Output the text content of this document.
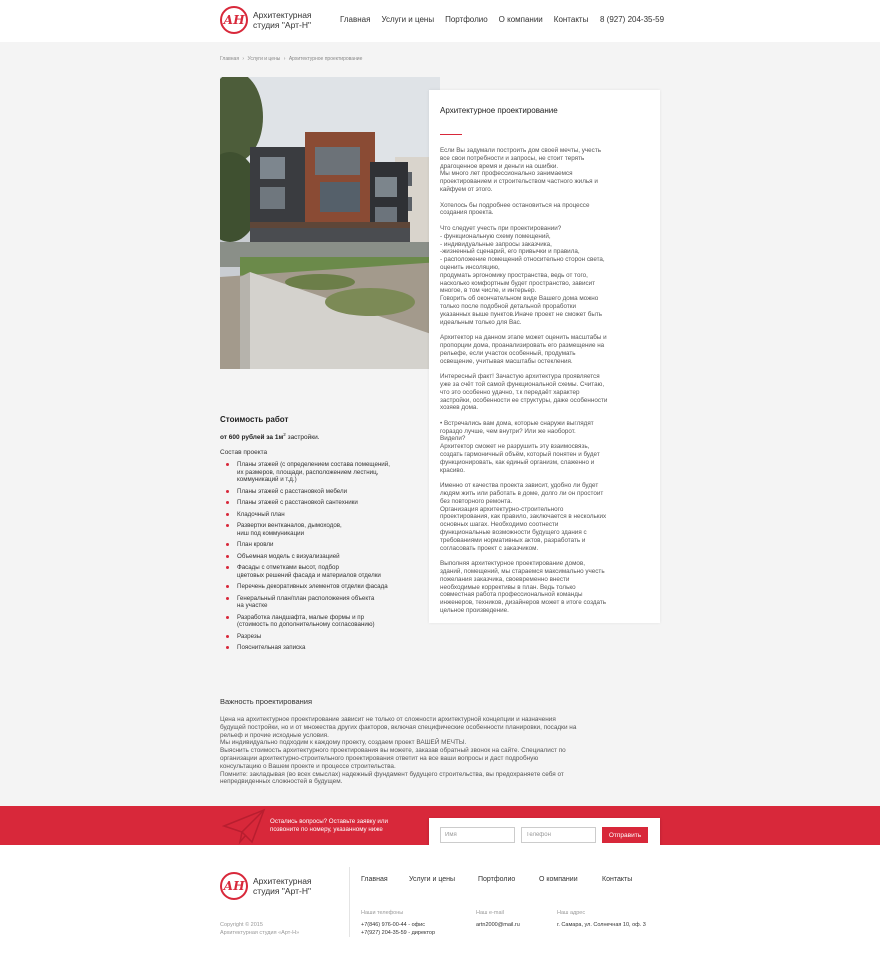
АН Архитектурная
студия "Арт-Н"
Главная Услуги и цены Портфолио О компании Контакты 8 (927) 204-35-59
Главная › Услуги и цены › Архитектурное проектирование
Архитектурное проектирование

Если Вы задумали построить дом своей мечты, учесть
все свои потребности и запросы, не стоит терять
драгоценное время и деньги на ошибки.
Мы много лет профессионально занимаемся
проектированием и строительством частного жилья и
кайфуем от этого.

Хотелось бы подробнее остановиться на процессе
создания проекта.

Что следует учесть при проектировании?
- функциональную схему помещений,
- индивидуальные запросы заказчика,
-жизненный сценарий, его привычки и правила,
- расположение помещений относительно сторон света,
оценить инсоляцию,
продумать эргономику пространства, ведь от того,
насколько комфортным будет пространство, зависит
многое, в том числе, и интерьер.
Говорить об окончательном виде Вашего дома можно
только после подобной детальной проработки
указанных выше пунктов.Иначе проект не сможет быть
идеальным только для Вас.

Архитектор на данном этапе может оценить масштабы и
пропорции дома, проанализировать его размещение на
рельефе, если участок особенный, продумать
освещение, учитывая масштабы остекления.

Интересный факт! Зачастую архитектура проявляется
уже за счёт той самой функциональной схемы. Считаю,
что это особенно удачно, т.к передаёт характер
застройки, особенности ее структуры, даже особенности
хозяев дома.

• Встречались вам дома, которые снаружи выглядят
гораздо лучше, чем внутри? Или же наоборот.
Видели?
Архитектор сможет не разрушить эту взаимосвязь,
создать гармоничный объём, который понятен и будет
функционировать, как единый организм, слаженно и
красиво.

Именно от качества проекта зависит, удобно ли будет
людям жить или работать в доме, долго ли он простоит
без повторного ремонта.
Организация архитектурно-строительного
проектирования, как правило, заключается в нескольких
основных шагах. Необходимо соотнести
функциональные возможности будущего здания с
требованиями нормативных актов, разработать и
согласовать проект с заказчиком.

Выполняя архитектурное проектирование домов,
зданий, помещений, мы стараемся максимально учесть
пожелания заказчика, своевременно внести
необходимые коррективы в план. Ведь только
совместная работа профессиональной команды
инженеров, техников, дизайнеров может в итоге создать
цельное произведение.

Стоимость работ
от 600 рублей за $1м^2$ застройки.
Состав проекта
Планы этажей (с определением состава помещений,
их размеров, площади, расположением лестниц,
коммуникаций и т.д.)
Планы этажей с расстановкой мебели
Планы этажей с расстановкой сантехники
Кладочный план
Развертки вентканалов, дымоходов,
ниш под коммуникации
План кровли
Объемная модель с визуализацией
Фасады с отметками высот, подбор
цветовых решений фасада и материалов отделки
Перечень декоративных элементов отделки фасада
Генеральный план/план расположения объекта
на участке
Разработка ландшафта, малые формы и пр
(стоимость по дополнительному согласованию)
Разрезы
Пояснительная записка
Важность проектирования

Цена на архитектурное проектирование зависит не только от сложности архитектурной концепции и назначения
будущей постройки, но и от множества других факторов, включая специфические особенности планировки, посадки на
рельеф и прочие исходные условия.
Мы индивидуально подходим к каждому проекту, создаем проект ВАШЕЙ МЕЧТЫ.
Выяснить стоимость архитектурного проектирования вы можете, заказав обратный звонок на сайте. Специалист по
организации архитектурно-строительного проектирования ответит на все ваши вопросы и даст подробную
консультацию о Вашем проекте и процессе строительства.
Помните: закладывая (во всех смыслах) надежный фундамент будущего строительства, вы предохраняете себя от
непредвиденных сложностей в будущем.

Остались вопросы? Оставьте заявку или
позвоните по номеру, указанному ниже
Имя
Телефон
Отправить
АН Архитектурная
студия "Арт-Н"
Главная	Услуги и цены	Портфолио	О компании	Контакты
Copyright © 2015
Архитектурная студия «Арт-Н»
Наши телефоны
+7(846) 976-00-44 - офис
+7(927) 204-35-59 - директор
Наш e-mail
artn2000@mail.ru
Наш адрес
г. Самара, ул. Солнечная 10, оф. 3
